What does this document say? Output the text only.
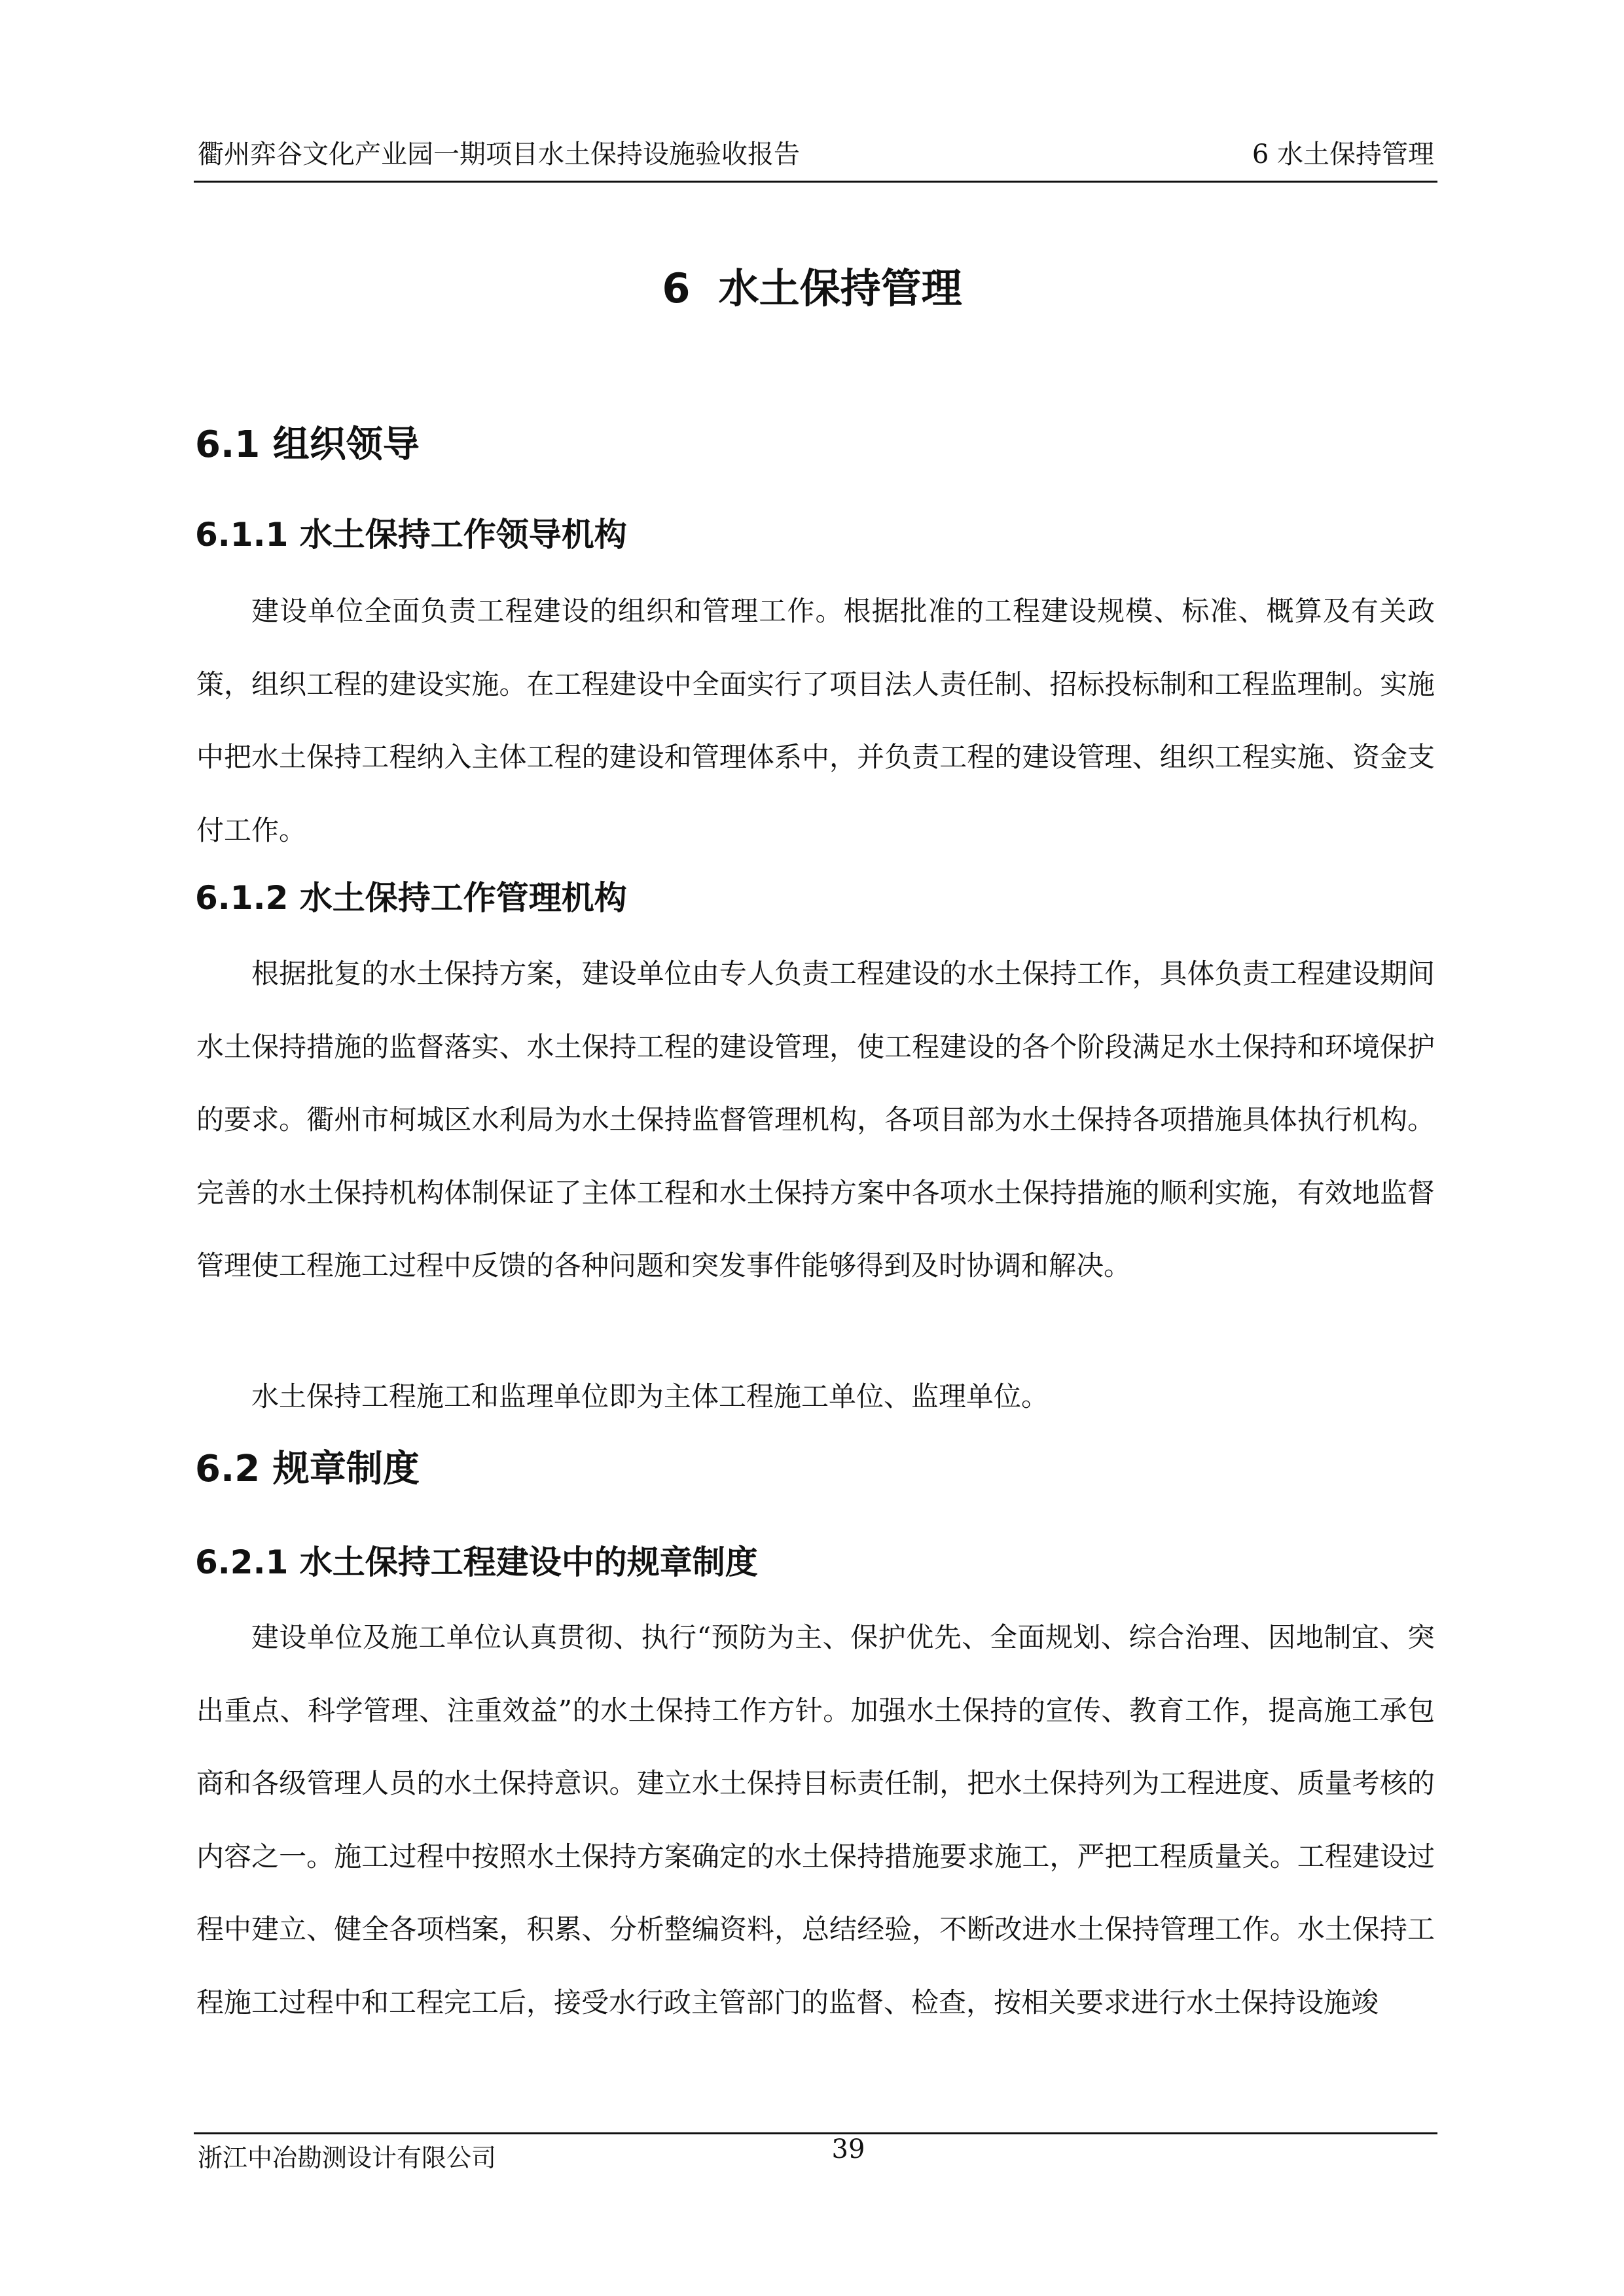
衢州弈谷文化产业园一期项目水土保持设施验收报告	6 水土保持管理
6  水土保持管理
6.1 组织领导
6.1.1 水土保持工作领导机构

建设单位全面负责工程建设的组织和管理工作。根据批准的工程建设规模、标准、概算及有关政策，组织工程的建设实施。在工程建设中全面实行了项目法人责任制、招标投标制和工程监理制。实施中把水土保持工程纳入主体工程的建设和管理体系中，并负责工程的建设管理、组织工程实施、资金支付工作。

6.1.2 水土保持工作管理机构

根据批复的水土保持方案，建设单位由专人负责工程建设的水土保持工作，具体负责工程建设期间水土保持措施的监督落实、水土保持工程的建设管理，使工程建设的各个阶段满足水土保持和环境保护的要求。衢州市柯城区水利局为水土保持监督管理机构，各项目部为水土保持各项措施具体执行机构。完善的水土保持机构体制保证了主体工程和水土保持方案中各项水土保持措施的顺利实施，有效地监督管理使工程施工过程中反馈的各种问题和突发事件能够得到及时协调和解决。

水土保持工程施工和监理单位即为主体工程施工单位、监理单位。

6.2 规章制度
6.2.1 水土保持工程建设中的规章制度

建设单位及施工单位认真贯彻、执行“预防为主、保护优先、全面规划、综合治理、因地制宜、突出重点、科学管理、注重效益”的水土保持工作方针。加强水土保持的宣传、教育工作，提高施工承包商和各级管理人员的水土保持意识。建立水土保持目标责任制，把水土保持列为工程进度、质量考核的内容之一。施工过程中按照水土保持方案确定的水土保持措施要求施工，严把工程质量关。工程建设过程中建立、健全各项档案，积累、分析整编资料，总结经验，不断改进水土保持管理工作。水土保持工程施工过程中和工程完工后，接受水行政主管部门的监督、检查，按相关要求进行水土保持设施竣

浙江中冶勘测设计有限公司	39
